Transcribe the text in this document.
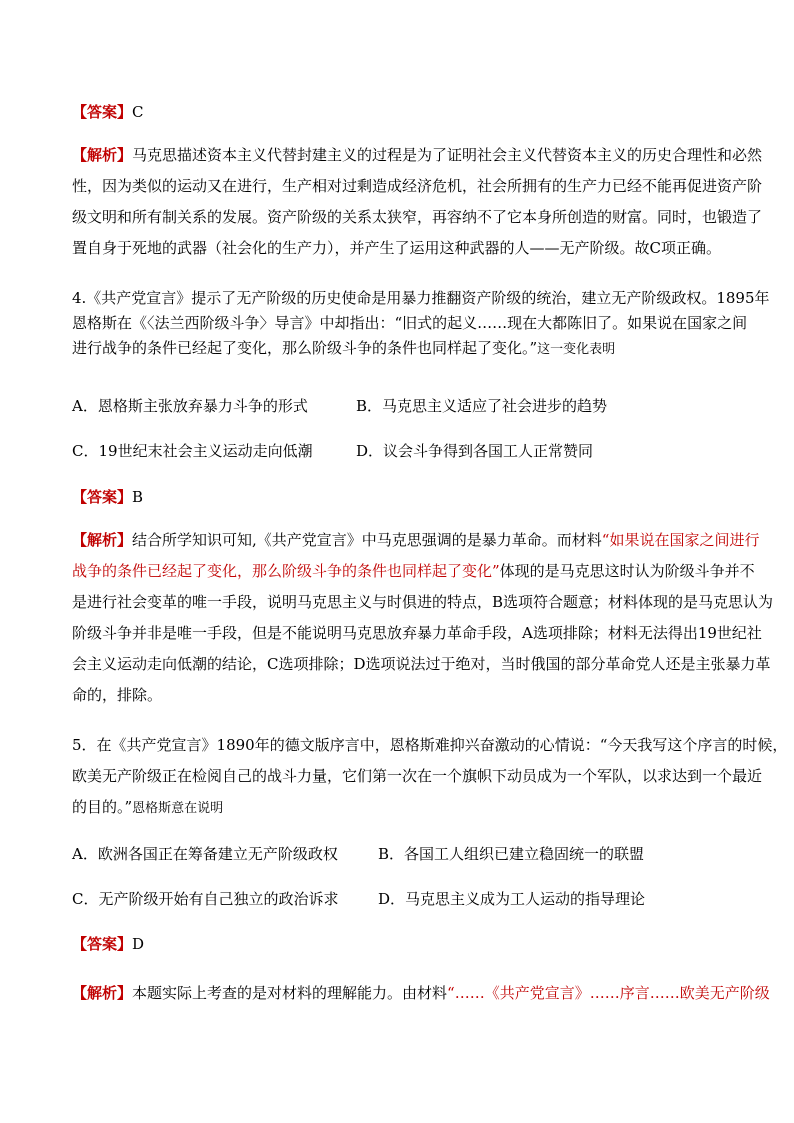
【答案】C
【解析】马克思描述资本主义代替封建主义的过程是为了证明社会主义代替资本主义的历史合理性和必然
性，因为类似的运动又在进行，生产相对过剩造成经济危机，社会所拥有的生产力已经不能再促进资产阶
级文明和所有制关系的发展。资产阶级的关系太狭窄，再容纳不了它本身所创造的财富。同时，也锻造了
置自身于死地的武器（社会化的生产力），并产生了运用这种武器的人——无产阶级。故C项正确。
4.《共产党宣言》提示了无产阶级的历史使命是用暴力推翻资产阶级的统治，建立无产阶级政权。1895年
恩格斯在《〈法兰西阶级斗争〉导言》中却指出：“旧式的起义……现在大都陈旧了。如果说在国家之间
进行战争的条件已经起了变化，那么阶级斗争的条件也同样起了变化。”这一变化表明
A．恩格斯主张放弃暴力斗争的形式	B．马克思主义适应了社会进步的趋势
C．19世纪末社会主义运动走向低潮	D．议会斗争得到各国工人正常赞同
【答案】B
【解析】结合所学知识可知,《共产党宣言》中马克思强调的是暴力革命。而材料“如果说在国家之间进行
战争的条件已经起了变化，那么阶级斗争的条件也同样起了变化”体现的是马克思这时认为阶级斗争并不
是进行社会变革的唯一手段，说明马克思主义与时俱进的特点，B选项符合题意；材料体现的是马克思认为
阶级斗争并非是唯一手段，但是不能说明马克思放弃暴力革命手段，A选项排除；材料无法得出19世纪社
会主义运动走向低潮的结论，C选项排除；D选项说法过于绝对，当时俄国的部分革命党人还是主张暴力革
命的，排除。
5．在《共产党宣言》1890年的德文版序言中，恩格斯难抑兴奋激动的心情说：“今天我写这个序言的时候，
欧美无产阶级正在检阅自己的战斗力量，它们第一次在一个旗帜下动员成为一个军队，以求达到一个最近
的目的。”恩格斯意在说明
A．欧洲各国正在筹备建立无产阶级政权	B．各国工人组织已建立稳固统一的联盟
C．无产阶级开始有自己独立的政治诉求	D．马克思主义成为工人运动的指导理论
【答案】D
【解析】本题实际上考查的是对材料的理解能力。由材料“……《共产党宣言》……序言……欧美无产阶级
